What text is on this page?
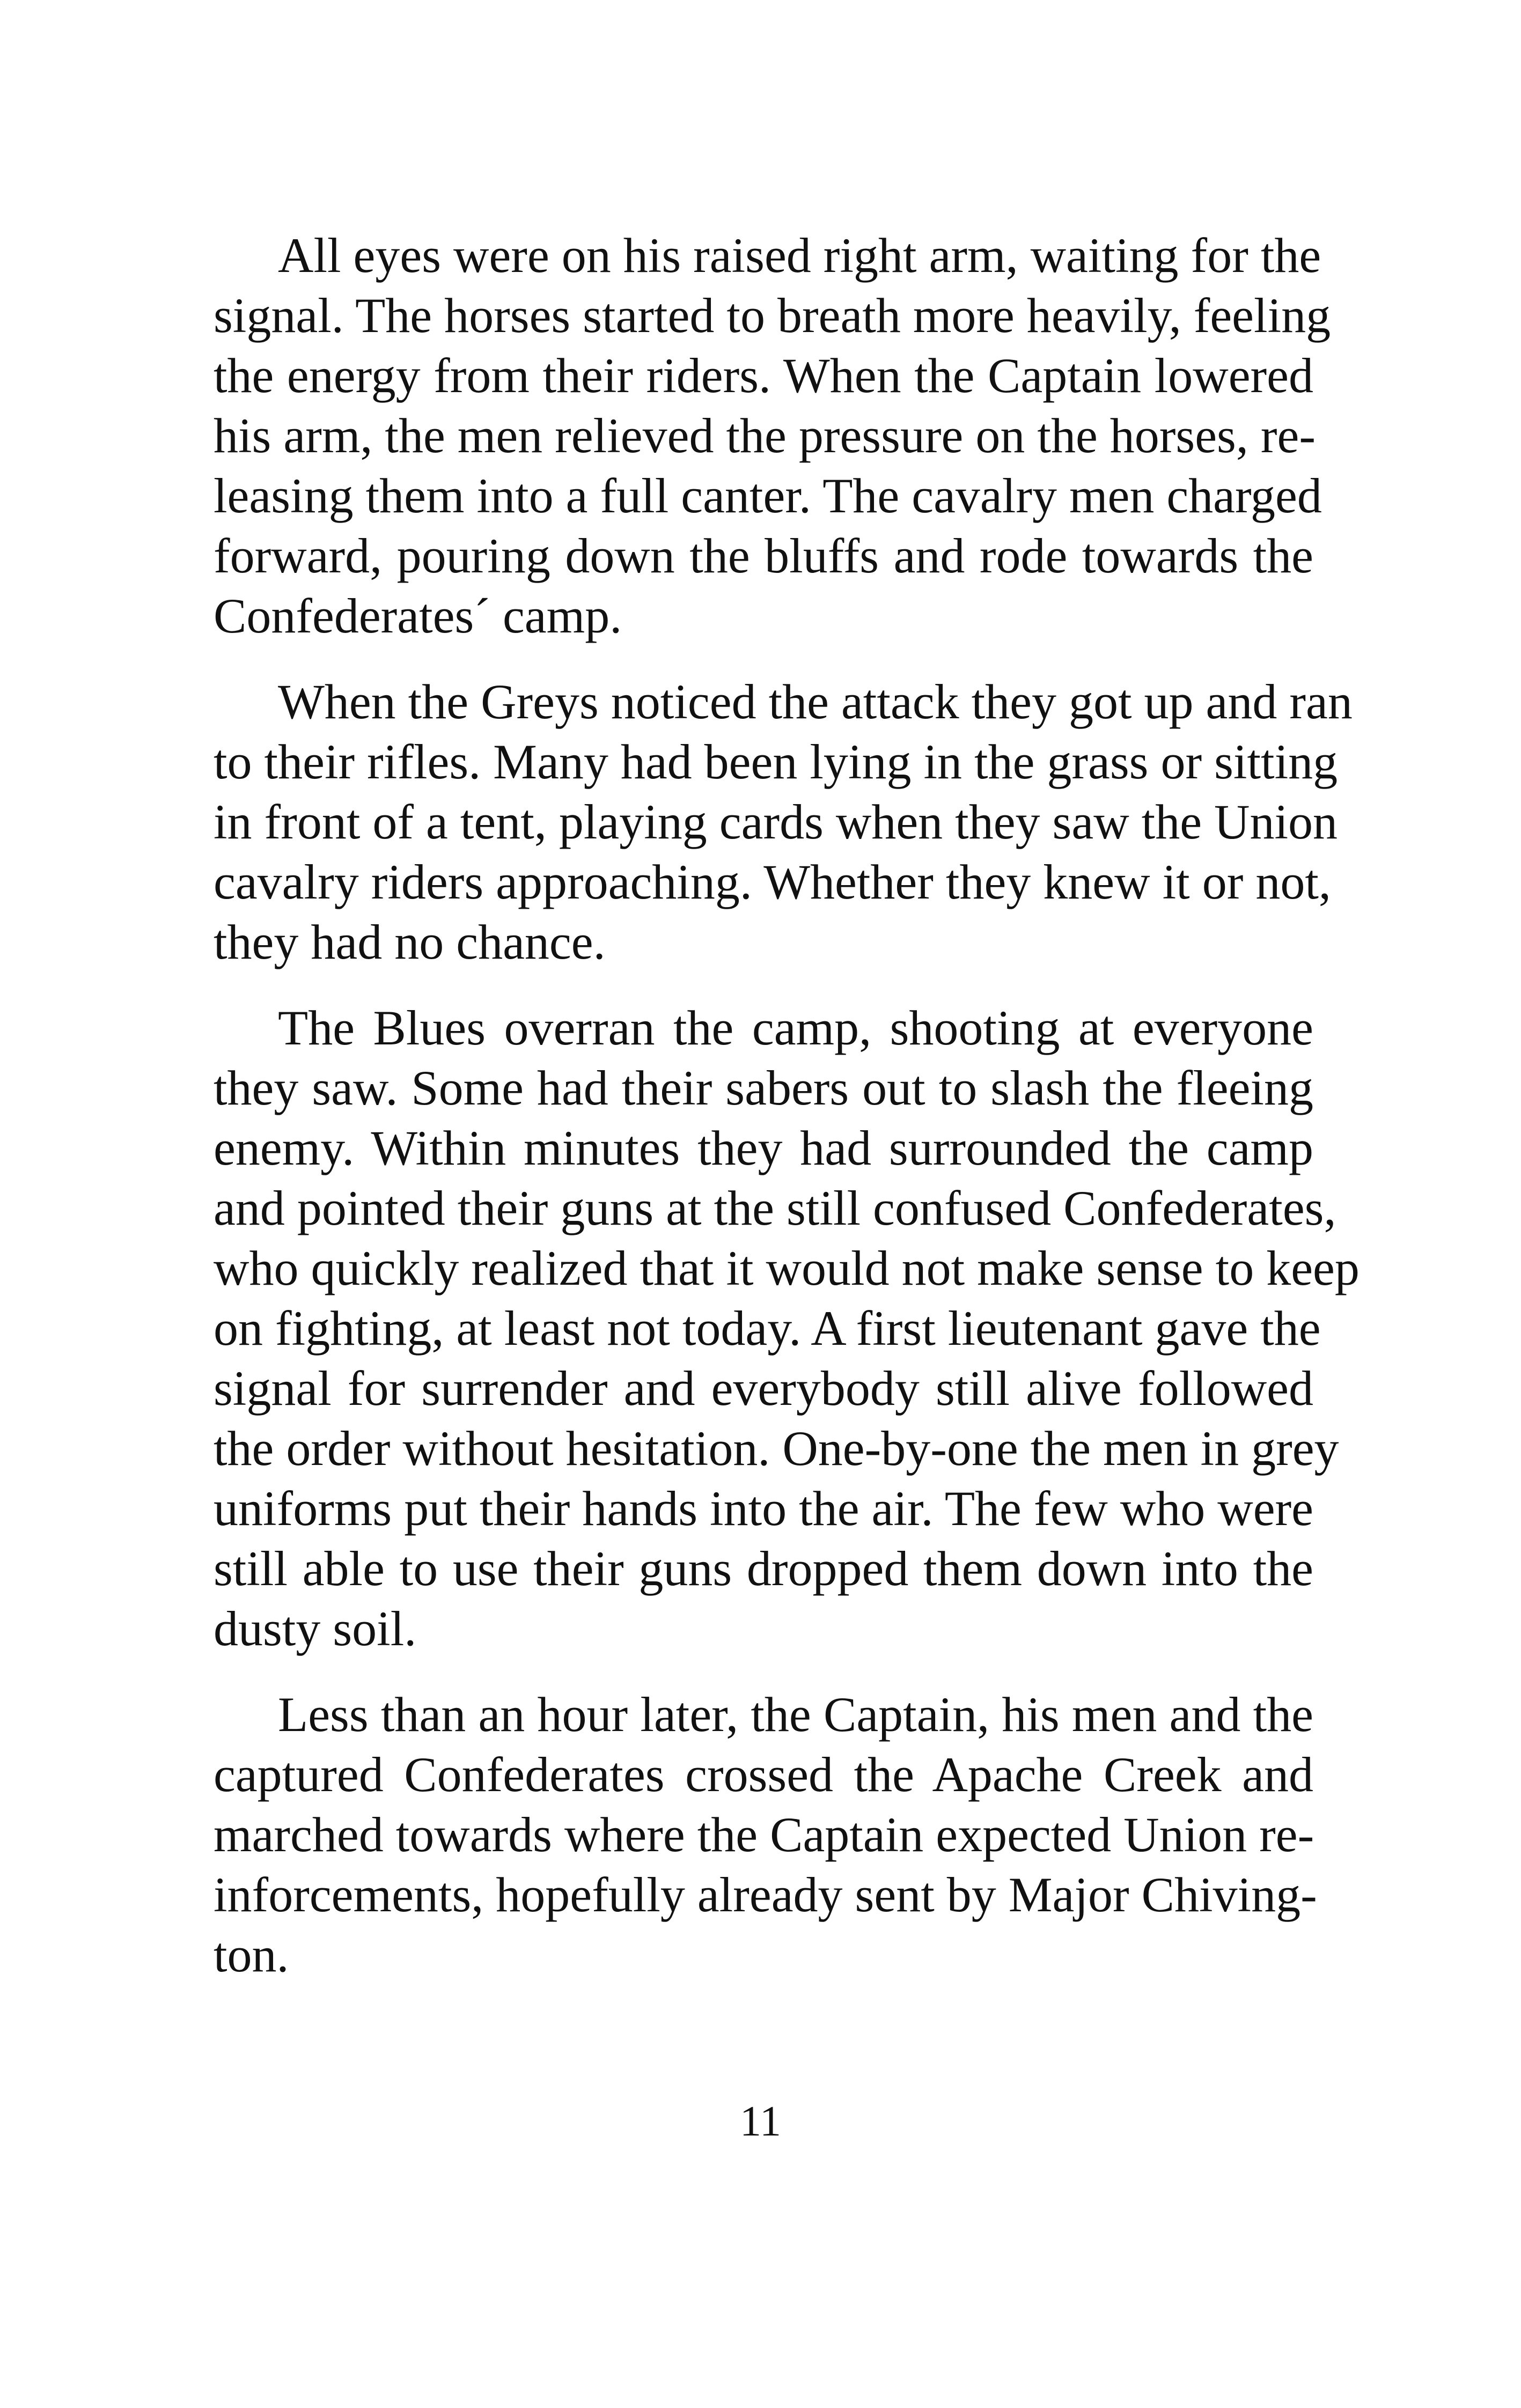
All eyes were on his raised right arm, waiting for the
signal. The horses started to breath more heavily, feeling
the energy from their riders. When the Captain lowered
his arm, the men relieved the pressure on the horses, re-
leasing them into a full canter. The cavalry men charged
forward, pouring down the bluffs and rode towards the
Confederates´ camp.
When the Greys noticed the attack they got up and ran
to their rifles. Many had been lying in the grass or sitting
in front of a tent, playing cards when they saw the Union
cavalry riders approaching. Whether they knew it or not,
they had no chance.
The Blues overran the camp, shooting at everyone
they saw. Some had their sabers out to slash the fleeing
enemy. Within minutes they had surrounded the camp
and pointed their guns at the still confused Confederates,
who quickly realized that it would not make sense to keep
on fighting, at least not today. A first lieutenant gave the
signal for surrender and everybody still alive followed
the order without hesitation. One-by-one the men in grey
uniforms put their hands into the air. The few who were
still able to use their guns dropped them down into the
dusty soil.
Less than an hour later, the Captain, his men and the
captured Confederates crossed the Apache Creek and
marched towards where the Captain expected Union re-
inforcements, hopefully already sent by Major Chiving-
ton.
11
